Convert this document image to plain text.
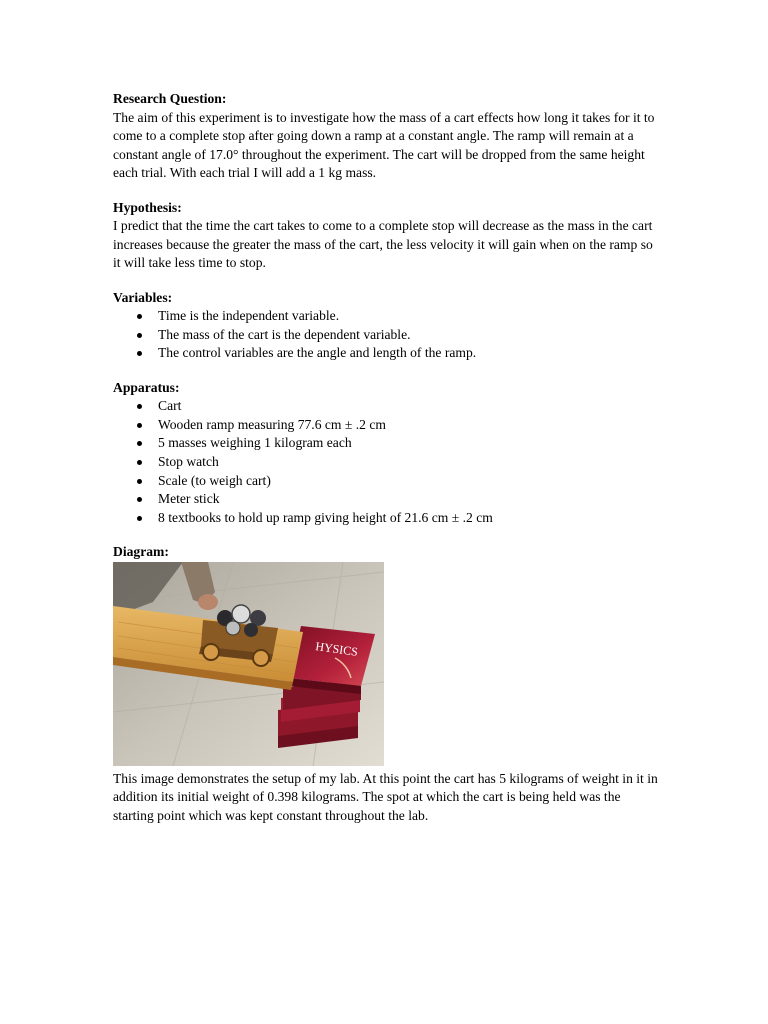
Research Question:

The aim of this experiment is to investigate how the mass of a cart effects how long it takes for it to come to a complete stop after going down a ramp at a constant angle. The ramp will remain at a constant angle of 17.0° throughout the experiment. The cart will be dropped from the same height each trial. With each trial I will add a 1 kg mass.

Hypothesis:

I predict that the time the cart takes to come to a complete stop will decrease as the mass in the cart increases because the greater the mass of the cart, the less velocity it will gain when on the ramp so it will take less time to stop.

Variables:

Time is the independent variable.
The mass of the cart is the dependent variable.
The control variables are the angle and length of the ramp.

Apparatus:

Cart
Wooden ramp measuring 77.6 cm ± .2 cm
5 masses weighing 1 kilogram each
Stop watch
Scale (to weigh cart)
Meter stick
8 textbooks to hold up ramp giving height of 21.6 cm ± .2 cm

Diagram:

HYSICS

This image demonstrates the setup of my lab. At this point the cart has 5 kilograms of weight in it in addition its initial weight of 0.398 kilograms. The spot at which the cart is being held was the starting point which was kept constant throughout the lab.
